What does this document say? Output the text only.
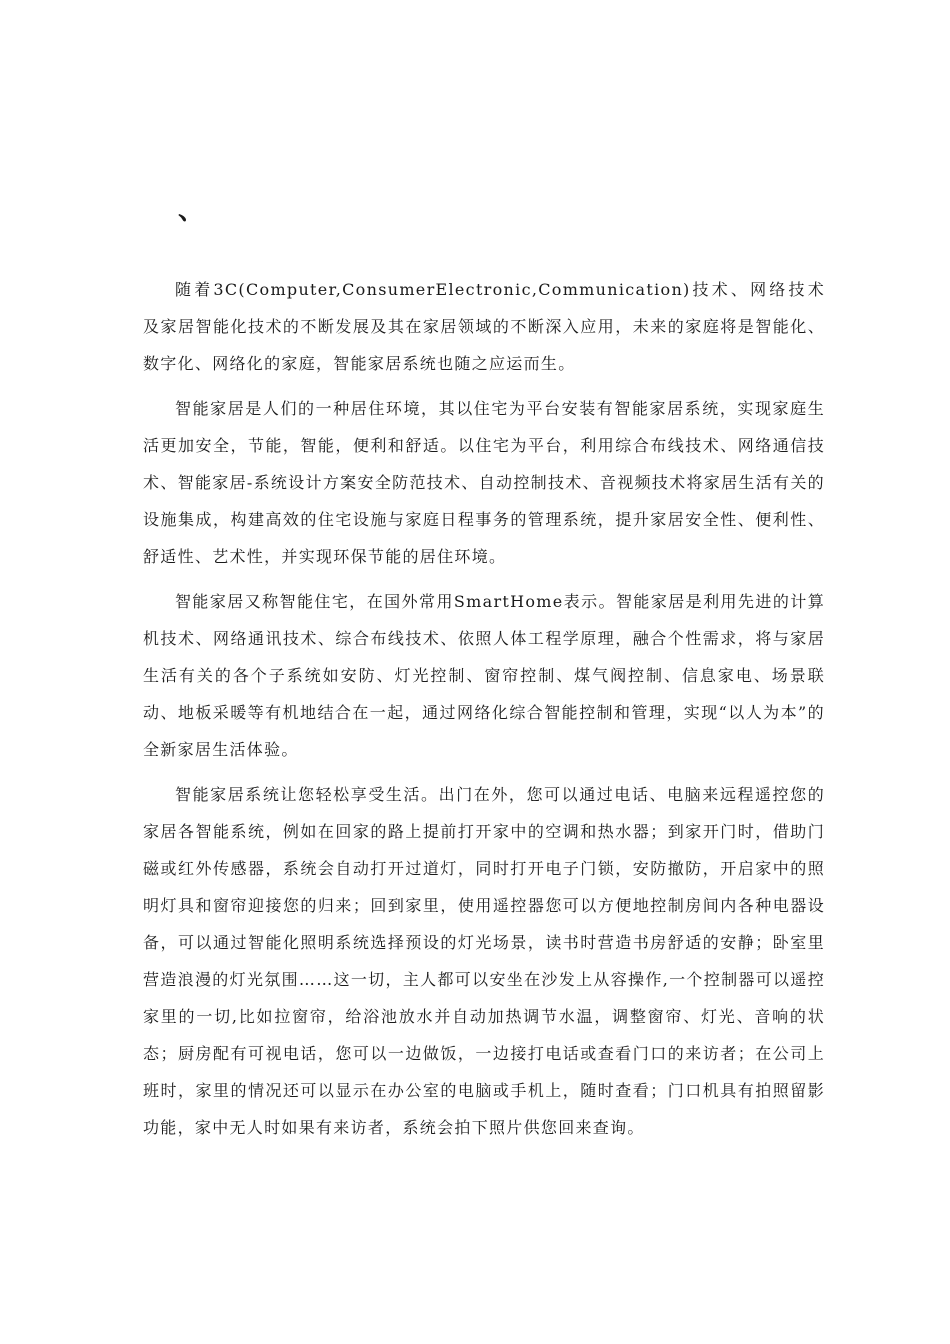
、

随着3C(Computer,ConsumerElectronic,Communication)技术、网络技术及家居智能化技术的不断发展及其在家居领域的不断深入应用，未来的家庭将是智能化、数字化、网络化的家庭，智能家居系统也随之应运而生。

智能家居是人们的一种居住环境，其以住宅为平台安装有智能家居系统，实现家庭生活更加安全，节能，智能，便利和舒适。以住宅为平台，利用综合布线技术、网络通信技术、智能家居-系统设计方案安全防范技术、自动控制技术、音视频技术将家居生活有关的设施集成，构建高效的住宅设施与家庭日程事务的管理系统，提升家居安全性、便利性、舒适性、艺术性，并实现环保节能的居住环境。

智能家居又称智能住宅，在国外常用SmartHome表示。智能家居是利用先进的计算机技术、网络通讯技术、综合布线技术、依照人体工程学原理，融合个性需求，将与家居生活有关的各个子系统如安防、灯光控制、窗帘控制、煤气阀控制、信息家电、场景联动、地板采暖等有机地结合在一起，通过网络化综合智能控制和管理，实现“以人为本”的全新家居生活体验。

智能家居系统让您轻松享受生活。出门在外，您可以通过电话、电脑来远程遥控您的家居各智能系统，例如在回家的路上提前打开家中的空调和热水器；到家开门时，借助门磁或红外传感器，系统会自动打开过道灯，同时打开电子门锁，安防撤防，开启家中的照明灯具和窗帘迎接您的归来；回到家里，使用遥控器您可以方便地控制房间内各种电器设备，可以通过智能化照明系统选择预设的灯光场景，读书时营造书房舒适的安静；卧室里营造浪漫的灯光氛围……这一切，主人都可以安坐在沙发上从容操作,一个控制器可以遥控家里的一切,比如拉窗帘，给浴池放水并自动加热调节水温，调整窗帘、灯光、音响的状态；厨房配有可视电话，您可以一边做饭，一边接打电话或查看门口的来访者；在公司上班时，家里的情况还可以显示在办公室的电脑或手机上，随时查看；门口机具有拍照留影功能，家中无人时如果有来访者，系统会拍下照片供您回来查询。
